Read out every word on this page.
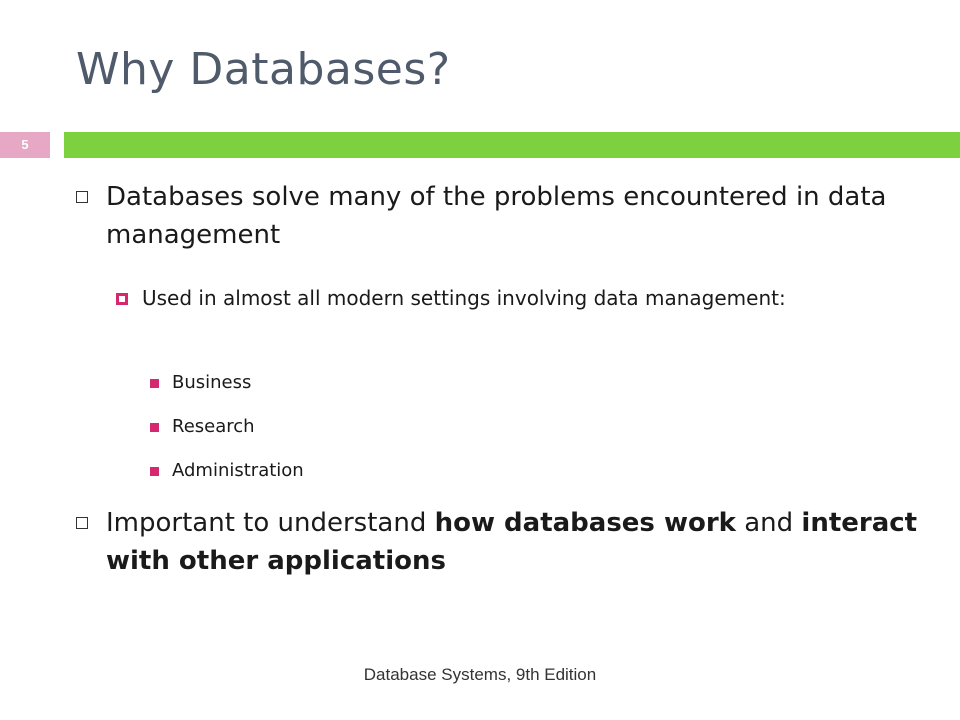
Why Databases?
5
Databases solve many of the problems encountered in data management
Used in almost all modern settings involving data management:
Business
Research
Administration
Important to understand how databases work and interact with other applications
Database Systems, 9th Edition
